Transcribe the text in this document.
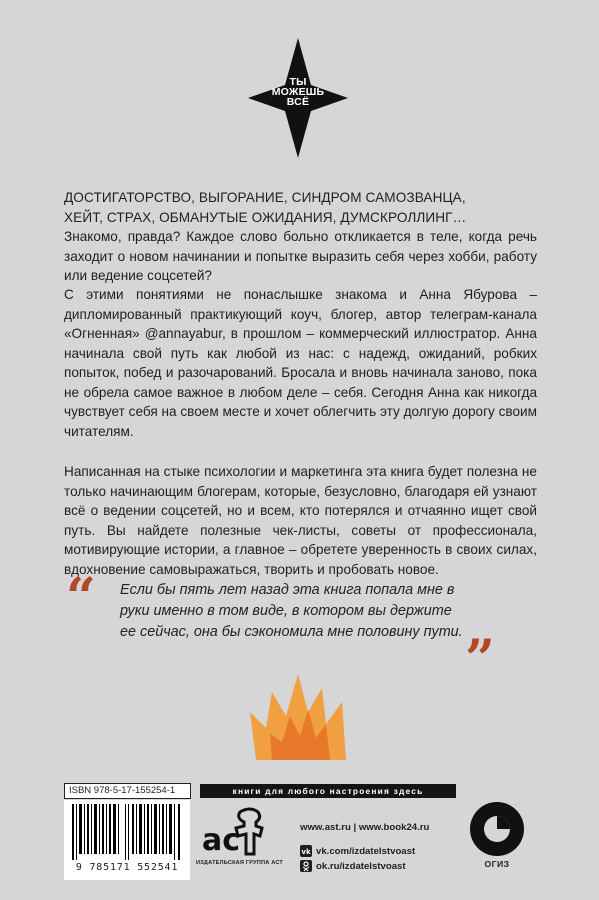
ТЫ
МОЖЕШЬ
ВСЁ
ДОСТИГАТОРСТВО, ВЫГОРАНИЕ, СИНДРОМ САМОЗВАНЦА,
ХЕЙТ, СТРАХ, ОБМАНУТЫЕ ОЖИДАНИЯ, ДУМСКРОЛЛИНГ…

Знакомо, правда? Каждое слово больно откликается в теле, когда речь заходит о новом начинании и попытке выразить себя через хобби, работу или ведение соцсетей?

С этими понятиями не понаслышке знакома и Анна Ябурова – дипломированный практикующий коуч, блогер, автор телеграм-канала «Огненная» @annayabur, в прошлом – коммерческий иллюстратор. Анна начинала свой путь как любой из нас: с надежд, ожиданий, робких попыток, побед и разочарований. Бросала и вновь начинала заново, пока не обрела самое важное в любом деле – себя. Сегодня Анна как никогда чувствует себя на своем месте и хочет облегчить эту долгую дорогу своим читателям.

Написанная на стыке психологии и маркетинга эта книга будет полезна не только начинающим блогерам, которые, безусловно, благодаря ей узнают всё о ведении соцсетей, но и всем, кто потерялся и отчаянно ищет свой путь. Вы найдете полезные чек-листы, советы от профессионала, мотивирующие истории, а главное – обретете уверенность в своих силах, вдохновение самовыражаться, творить и пробовать новое.

“ Если бы пять лет назад эта книга попала мне в руки именно в том виде, в котором вы держите ее сейчас, она бы сэкономила мне половину пути. ”
ISBN 978-5-17-155254-1
9 785171 552541
книги для любого настроения здесь
ac
ИЗДАТЕЛЬСКАЯ ГРУППА АСТ
www.ast.ru | www.book24.ru
vk vk.com/izdatelstvoast
ok.ru/izdatelstvoast	ОГИЗ
